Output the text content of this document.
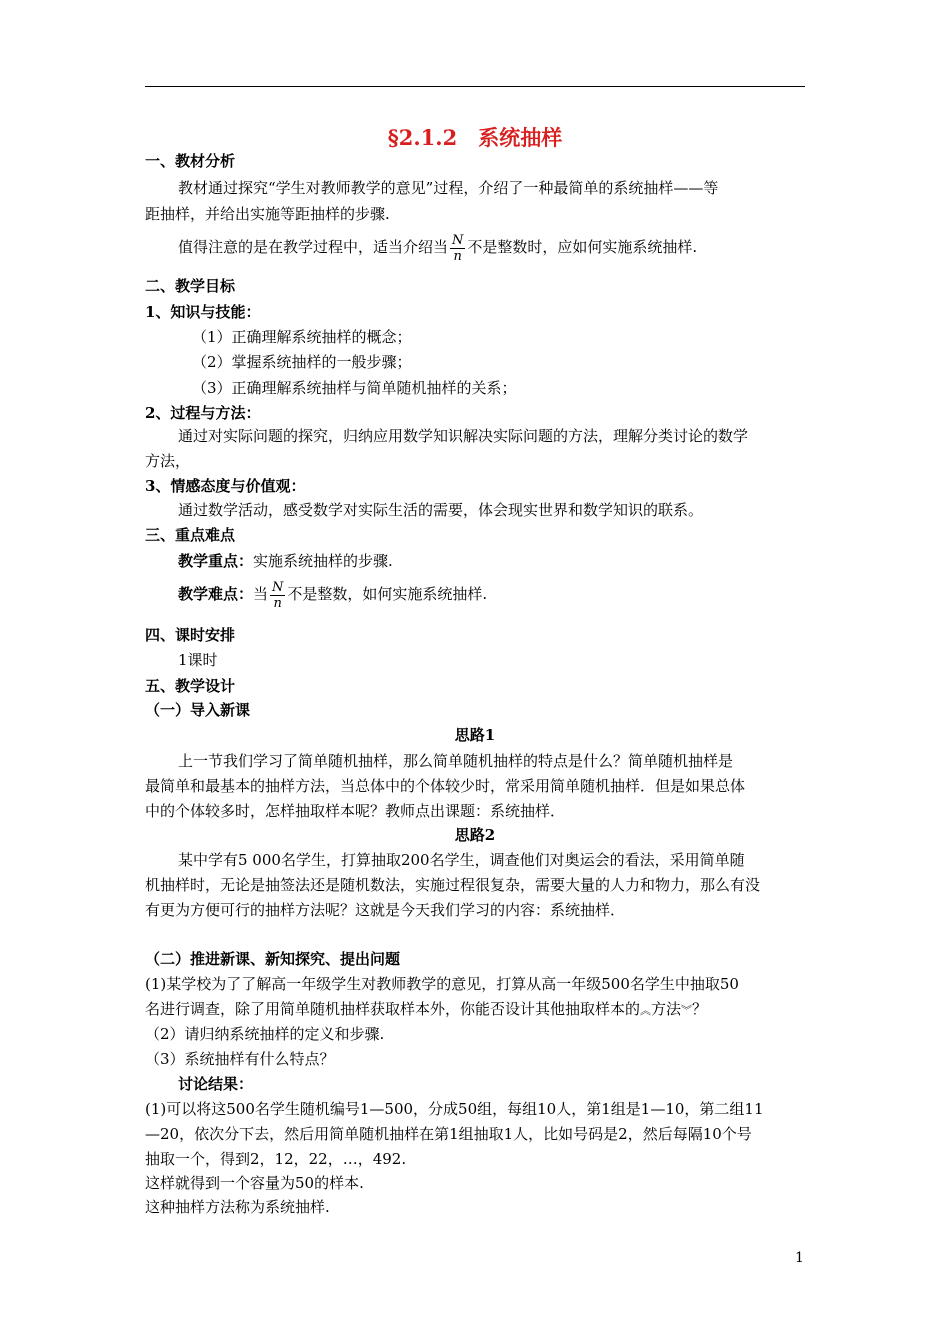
§2.1.2　系统抽样
一、教材分析
教材通过探究“学生对教师教学的意见”过程，介绍了一种最简单的系统抽样——等
距抽样，并给出实施等距抽样的步骤.
值得注意的是在教学过程中，适当介绍当 $\frac{N}{n}$ 不是整数时，应如何实施系统抽样.
二、教学目标
1、知识与技能：
（1）正确理解系统抽样的概念；
（2）掌握系统抽样的一般步骤；
（3）正确理解系统抽样与简单随机抽样的关系；
2、过程与方法：
通过对实际问题的探究，归纳应用数学知识解决实际问题的方法，理解分类讨论的数学
方法，
3、情感态度与价值观：
通过数学活动，感受数学对实际生活的需要，体会现实世界和数学知识的联系。
三、重点难点
教学重点：实施系统抽样的步骤.
教学难点：当 $\frac{N}{n}$ 不是整数，如何实施系统抽样.
四、课时安排
1课时
五、教学设计
（一）导入新课
思路1
上一节我们学习了简单随机抽样，那么简单随机抽样的特点是什么？简单随机抽样是
最简单和最基本的抽样方法，当总体中的个体较少时，常采用简单随机抽样．但是如果总体
中的个体较多时，怎样抽取样本呢？教师点出课题：系统抽样．
思路2
某中学有5 000名学生，打算抽取200名学生，调查他们对奥运会的看法，采用简单随
机抽样时，无论是抽签法还是随机数法，实施过程很复杂，需要大量的人力和物力，那么有没
有更为方便可行的抽样方法呢？这就是今天我们学习的内容：系统抽样．
（二）推进新课、新知探究、提出问题
(1)某学校为了了解高一年级学生对教师教学的意见，打算从高一年级500名学生中抽取50
名进行调查，除了用简单随机抽样获取样本外，你能否设计其他抽取样本的︽方法︾？
（2）请归纳系统抽样的定义和步骤.
（3）系统抽样有什么特点？
讨论结果：
(1)可以将这500名学生随机编号1—500，分成50组，每组10人，第1组是1—10，第二组11
—20，依次分下去，然后用简单随机抽样在第1组抽取1人，比如号码是2，然后每隔10个号
抽取一个，得到2，12，22，…，492.
这样就得到一个容量为50的样本.
这种抽样方法称为系统抽样.
1
